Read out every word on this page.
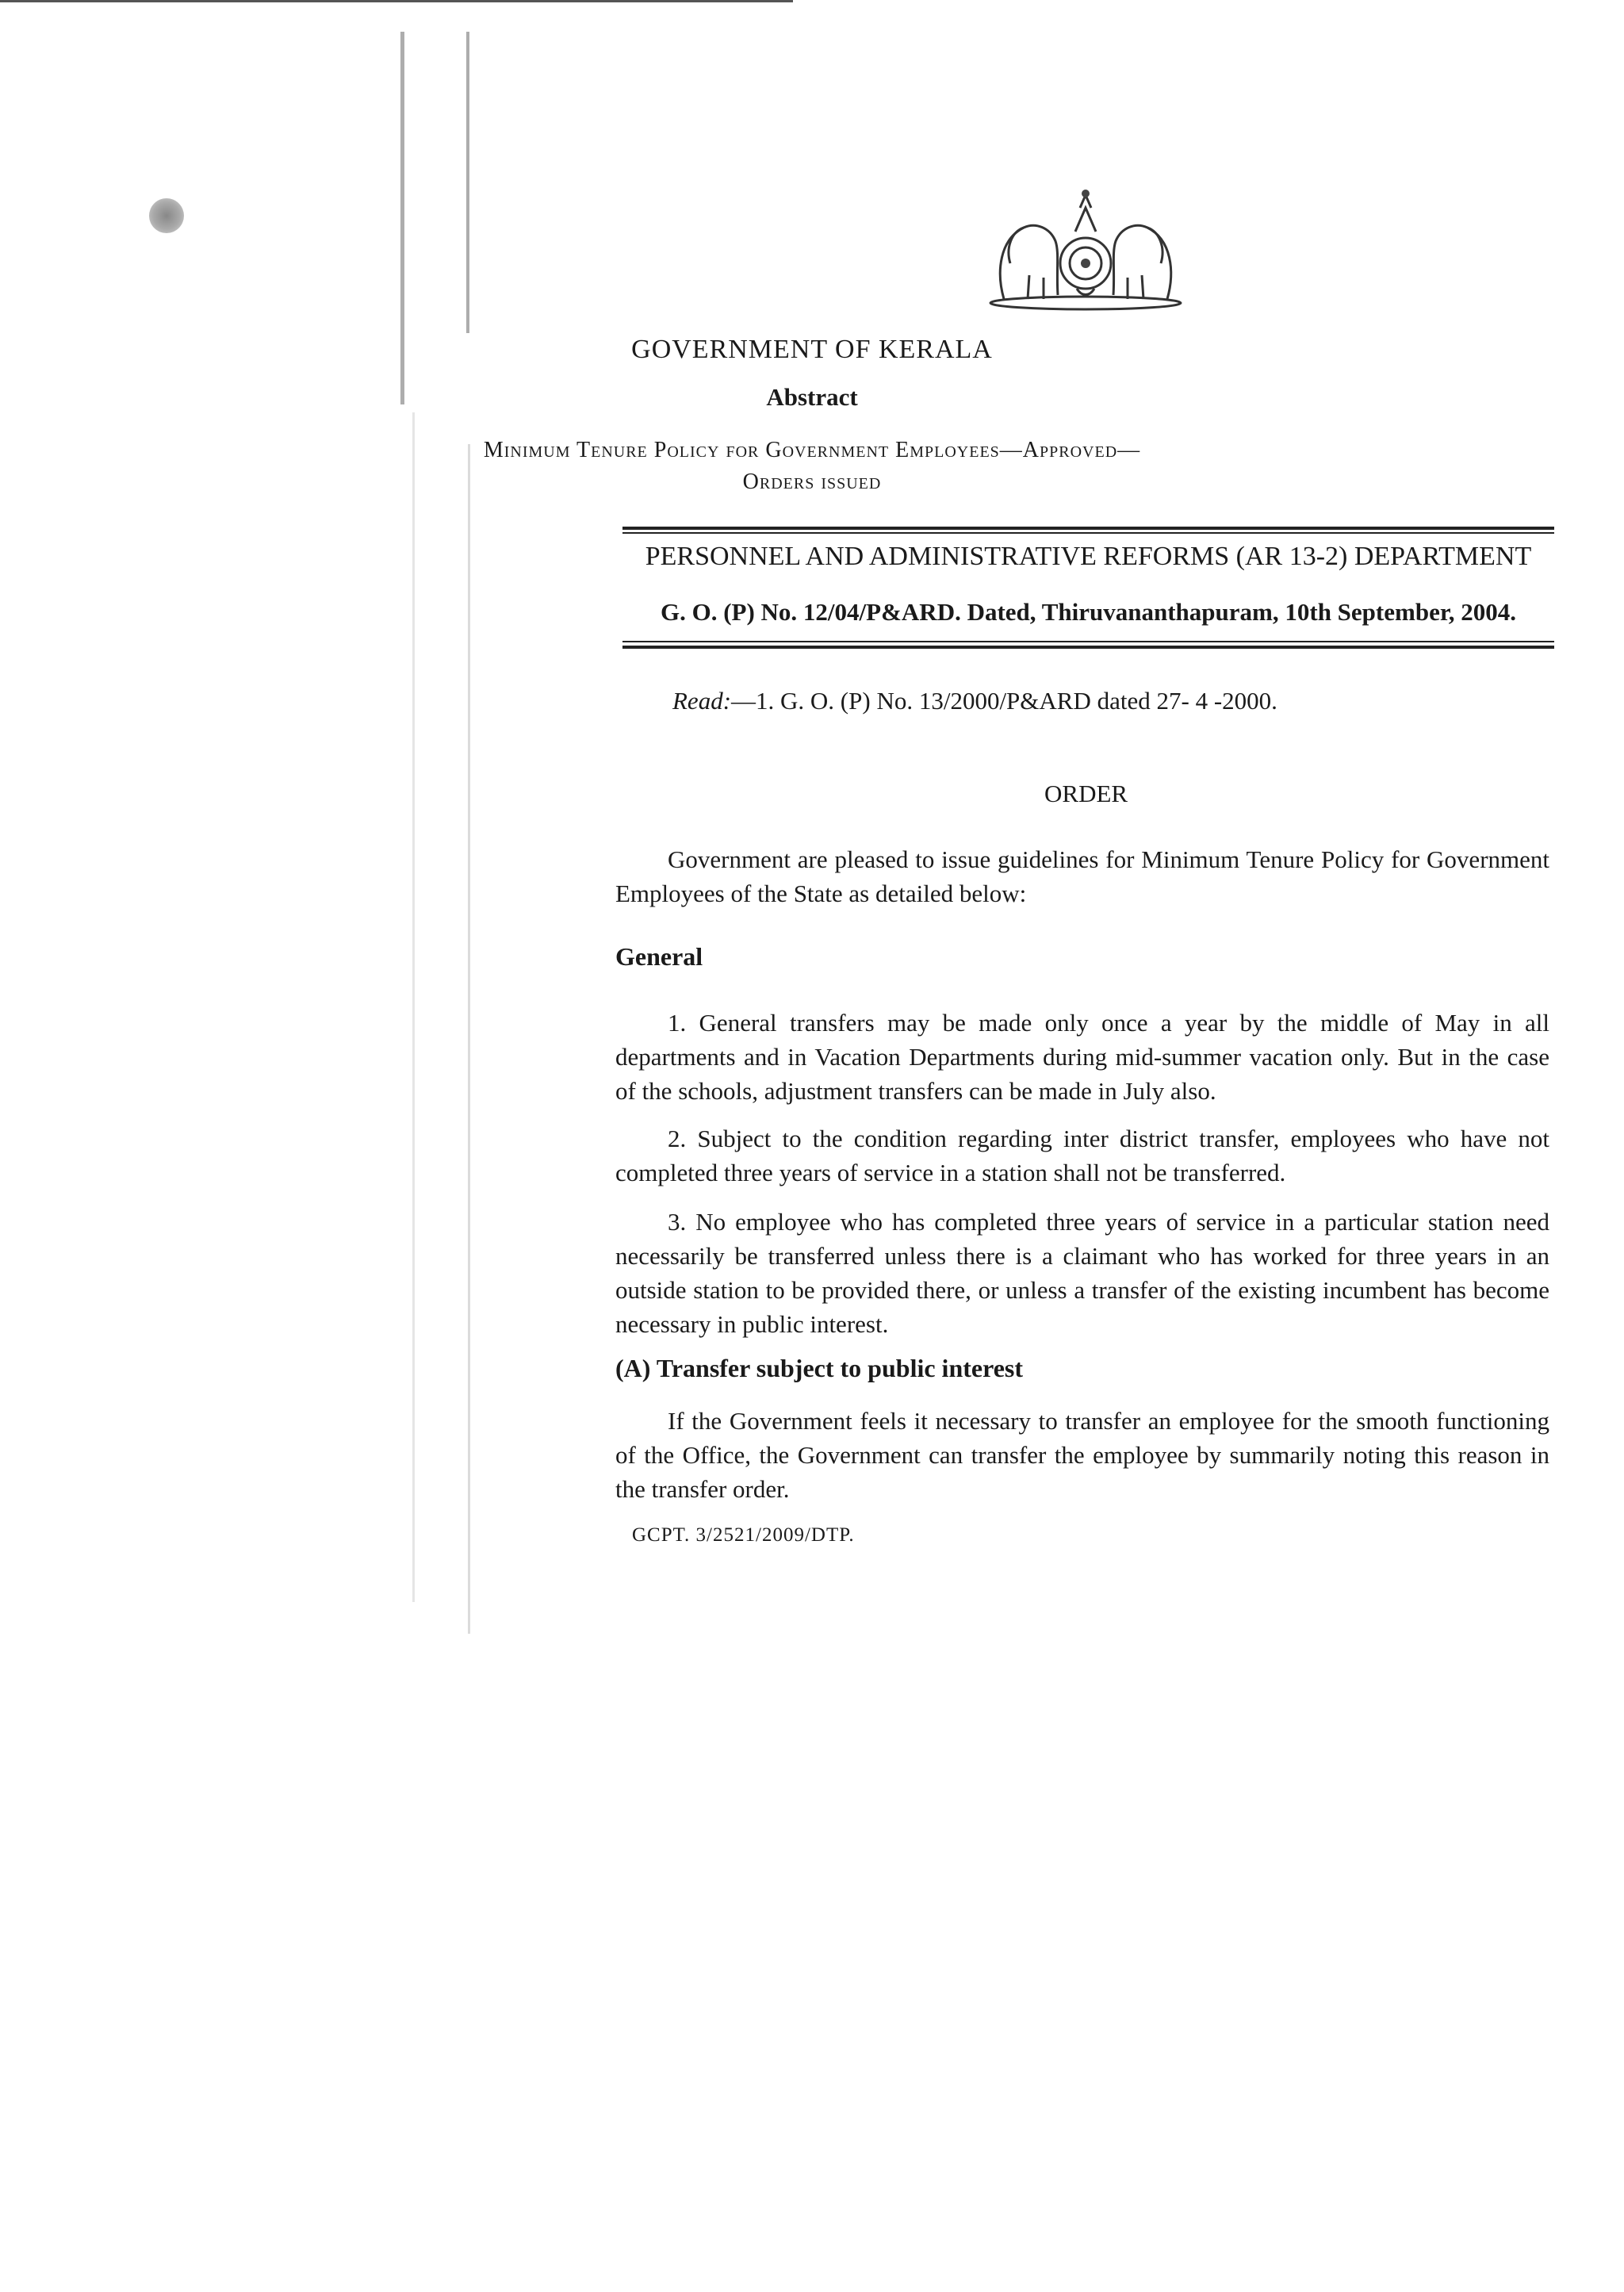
GOVERNMENT OF KERALA
Abstract
Minimum Tenure Policy for Government Employees—Approved—
Orders issued
PERSONNEL AND ADMINISTRATIVE REFORMS (AR 13-2) DEPARTMENT
G. O. (P) No. 12/04/P&ARD. Dated, Thiruvananthapuram, 10th September, 2004.
Read:—1. G. O. (P) No. 13/2000/P&ARD dated 27- 4 -2000.
ORDER

Government are pleased to issue guidelines for Minimum Tenure Policy for Government Employees of the State as detailed below:

General

1. General transfers may be made only once a year by the middle of May in all departments and in Vacation Departments during mid-summer vacation only. But in the case of the schools, adjustment transfers can be made in July also.

2. Subject to the condition regarding inter district transfer, employees who have not completed three years of service in a station shall not be transferred.

3. No employee who has completed three years of service in a particular station need necessarily be transferred unless there is a claimant who has worked for three years in an outside station to be provided there, or unless a transfer of the existing incumbent has become necessary in public interest.

(A) Transfer subject to public interest

If the Government feels it necessary to transfer an employee for the smooth functioning of the Office, the Government can transfer the employee by summarily noting this reason in the transfer order.

GCPT. 3/2521/2009/DTP.
